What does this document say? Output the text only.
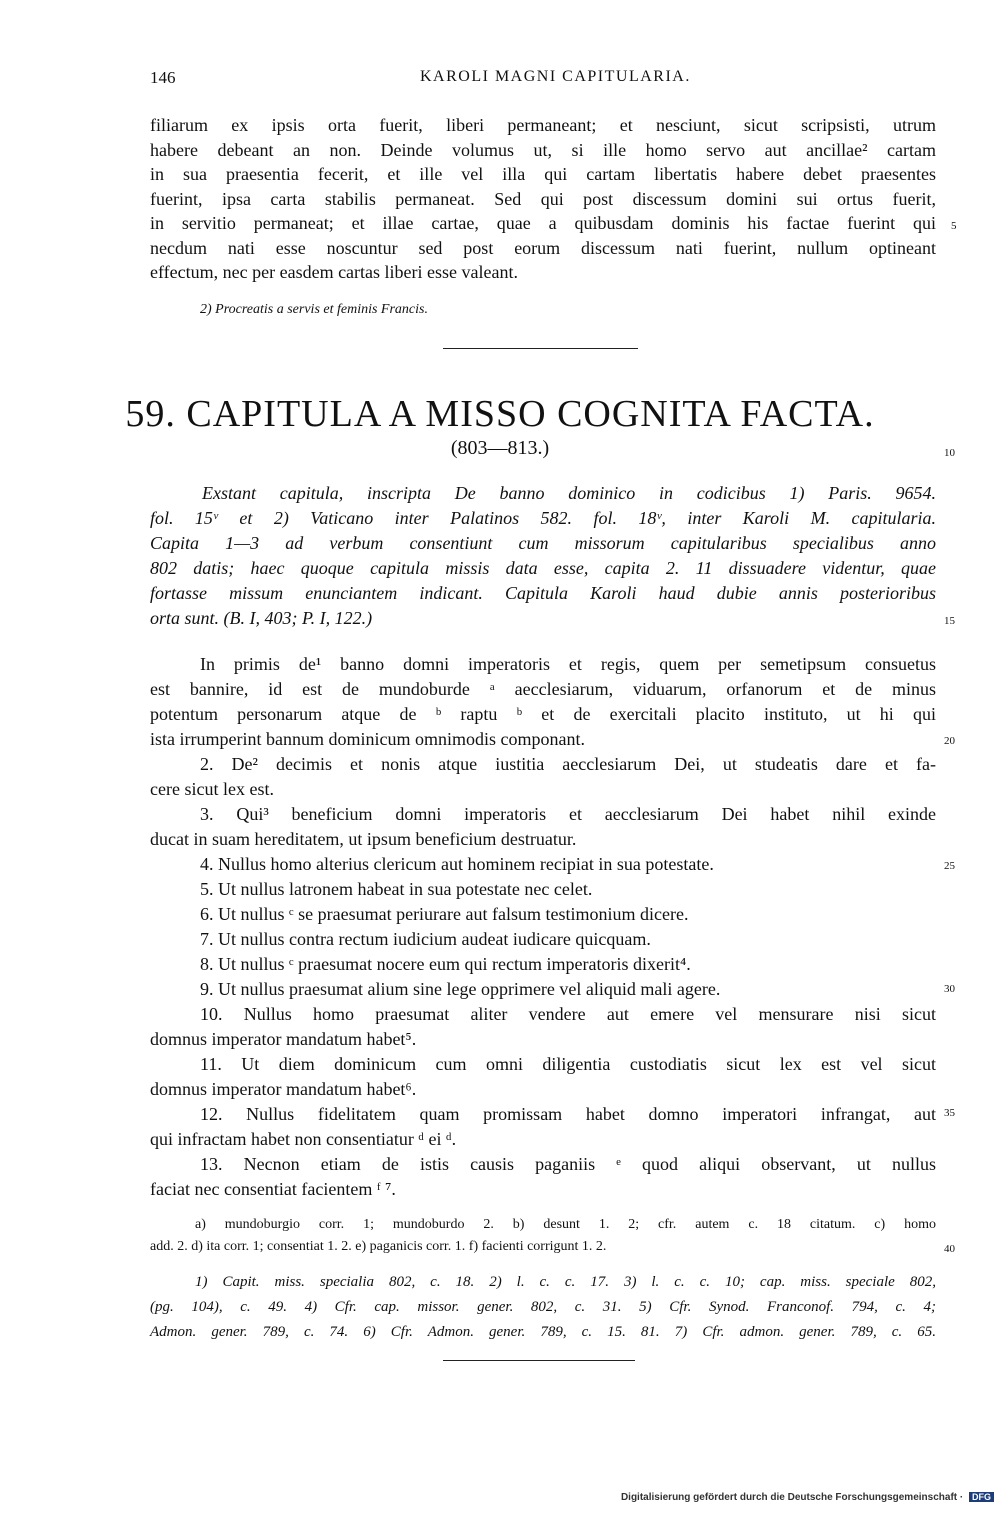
146	KAROLI MAGNI CAPITULARIA.
filiarum ex ipsis orta fuerit, liberi permaneant; et nesciunt, sicut scripsisti, utrum
habere debeant an non. Deinde volumus ut, si ille homo servo aut ancillae² cartam
in sua praesentia fecerit, et ille vel illa qui cartam libertatis habere debet praesentes
fuerint, ipsa carta stabilis permaneat. Sed qui post discessum domini sui ortus fuerit,
in servitio permaneat; et illae cartae, quae a quibusdam dominis his factae fuerint qui
necdum nati esse noscuntur sed post eorum discessum nati fuerint, nullum optineant
effectum, nec per easdem cartas liberi esse valeant.
2) Procreatis a servis et feminis Francis.
59. CAPITULA A MISSO COGNITA FACTA.
(803—813.)
Exstant capitula, inscripta De banno dominico in codicibus 1) Paris. 9654.
fol. 15ᵛ et 2) Vaticano inter Palatinos 582. fol. 18ᵛ, inter Karoli M. capitularia.
Capita 1—3 ad verbum consentiunt cum missorum capitularibus specialibus anno
802 datis; haec quoque capitula missis data esse, capita 2. 11 dissuadere videntur, quae
fortasse missum enunciantem indicant. Capitula Karoli haud dubie annis posterioribus
orta sunt. (B. I, 403; P. I, 122.)
In primis de¹ banno domni imperatoris et regis, quem per semetipsum consuetus
est bannire, id est de mundoburde ᵃ aecclesiarum, viduarum, orfanorum et de minus
potentum personarum atque de ᵇ raptu ᵇ et de exercitali placito instituto, ut hi qui
ista irrumperint bannum dominicum omnimodis componant.
2. De² decimis et nonis atque iustitia aecclesiarum Dei, ut studeatis dare et fa-
cere sicut lex est.
3. Qui³ beneficium domni imperatoris et aecclesiarum Dei habet nihil exinde
ducat in suam hereditatem, ut ipsum beneficium destruatur.
4. Nullus homo alterius clericum aut hominem recipiat in sua potestate.
5. Ut nullus latronem habeat in sua potestate nec celet.
6. Ut nullus ᶜ se praesumat periurare aut falsum testimonium dicere.
7. Ut nullus contra rectum iudicium audeat iudicare quicquam.
8. Ut nullus ᶜ praesumat nocere eum qui rectum imperatoris dixerit⁴.
9. Ut nullus praesumat alium sine lege opprimere vel aliquid mali agere.
10. Nullus homo praesumat aliter vendere aut emere vel mensurare nisi sicut
domnus imperator mandatum habet⁵.
11. Ut diem dominicum cum omni diligentia custodiatis sicut lex est vel sicut
domnus imperator mandatum habet⁶.
12. Nullus fidelitatem quam promissam habet domno imperatori infrangat, aut
qui infractam habet non consentiatur ᵈ ei ᵈ.
13. Necnon etiam de istis causis paganiis ᵉ quod aliqui observant, ut nullus
faciat nec consentiat facientem ᶠ ⁷.
a) mundoburgio corr. 1; mundoburdo 2. b) desunt 1. 2; cfr. autem c. 18 citatum. c) homo
add. 2. d) ita corr. 1; consentiat 1. 2. e) paganicis corr. 1. f) facienti corrigunt 1. 2.
1) Capit. miss. specialia 802, c. 18. 2) l. c. c. 17. 3) l. c. c. 10; cap. miss. speciale 802,
(pg. 104), c. 49. 4) Cfr. cap. missor. gener. 802, c. 31. 5) Cfr. Synod. Franconof. 794, c. 4;
Admon. gener. 789, c. 74. 6) Cfr. Admon. gener. 789, c. 15. 81. 7) Cfr. admon. gener. 789, c. 65.
5
10
15
20
25
30
35
40
Digitalisierung gefördert durch die Deutsche Forschungsgemeinschaft · DFG
